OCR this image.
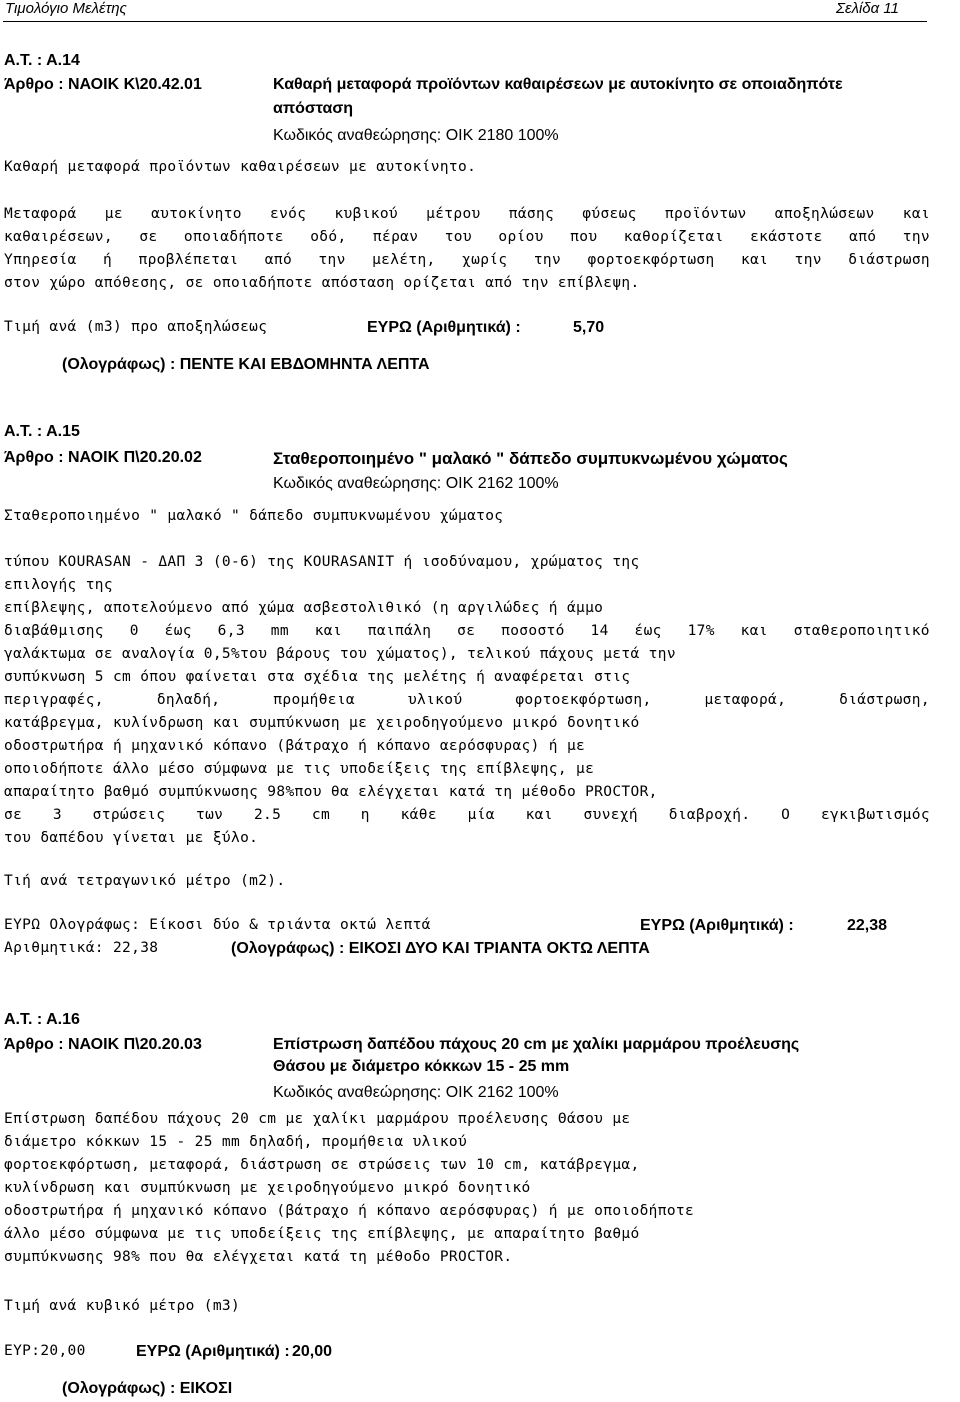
Τιμολόγιο Μελέτης	Σελίδα 11
Α.Τ. : Α.14
Άρθρο : ΝΑΟΙΚ Κ\20.42.01	Καθαρή μεταφορά προϊόντων καθαιρέσεων με αυτοκίνητο σε οποιαδηπότε
απόσταση
Κωδικός αναθεώρησης: ΟΙΚ 2180 100%
Καθαρή μεταφορά προϊόντων καθαιρέσεων με αυτοκίνητο.
Μεταφορά με αυτοκίνητο ενός κυβικού μέτρου πάσης φύσεως προϊόντων αποξηλώσεων και
καθαιρέσεων, σε οποιαδήποτε οδό, πέραν του ορίου που καθορίζεται εκάστοτε από την
Υπηρεσία ή προβλέπεται από την μελέτη, χωρίς την φορτοεκφόρτωση και την διάστρωση
στον χώρο απόθεσης, σε οποιαδήποτε απόσταση ορίζεται από την επίβλεψη.
Τιμή ανά (m3) προ αποξηλώσεως	ΕΥΡΩ (Αριθμητικά) :	5,70
(Ολογράφως) : ΠΕΝΤΕ ΚΑΙ ΕΒΔΟΜΗΝΤΑ ΛΕΠΤΑ
Α.Τ. : Α.15
Άρθρο : ΝΑΟΙΚ Π\20.20.02	Σταθεροποιημένο " μαλακό " δάπεδο συμπυκνωμένου χώματος
Κωδικός αναθεώρησης: ΟΙΚ 2162 100%
Σταθεροποιημένο " μαλακό " δάπεδο συμπυκνωμένου χώματος
τύπου KOURASAN - ΔΑΠ 3 (0-6) της KOURASANIT ή ισοδύναμου, χρώματος της
επιλογής της
επίβλεψης, αποτελούμενο από χώμα ασβεστολιθικό (η αργιλώδες ή άμμο
διαβάθμισης 0 έως 6,3 mm και παιπάλη σε ποσοστό 14 έως 17% και σταθεροποιητικό
γαλάκτωμα σε αναλογία 0,5%του βάρους του χώματος), τελικού πάχους μετά την
συπύκνωση 5 cm όπου φαίνεται στα σχέδια της μελέτης ή αναφέρεται στις
περιγραφές,	δηλαδή,	προμήθεια	υλικού	φορτοεκφόρτωση,	μεταφορά,	διάστρωση,
κατάβρεγμα, κυλίνδρωση και συμπύκνωση με χειροδηγούμενο μικρό δονητικό
οδοστρωτήρα ή μηχανικό κόπανο (βάτραχο ή κόπανο αερόσφυρας) ή με
οποιοδήποτε άλλο μέσο σύμφωνα με τις υποδείξεις της επίβλεψης, με
απαραίτητο βαθμό συμπύκνωσης 98%που θα ελέγχεται κατά τη μέθοδο PROCTOR,
σε 3 στρώσεις των 2.5 cm η κάθε μία και συνεχή διαβροχή. Ο εγκιβωτισμός
του δαπέδου γίνεται με ξύλο.
Τιή ανά τετραγωνικό μέτρο (m2).
ΕΥΡΩ Ολογράφως: Είκοσι δύο & τριάντα οκτώ λεπτά	ΕΥΡΩ (Αριθμητικά) :	22,38
Αριθμητικά: 22,38	(Ολογράφως) : ΕΙΚΟΣΙ ΔΥΟ ΚΑΙ ΤΡΙΑΝΤΑ ΟΚΤΩ ΛΕΠΤΑ
Α.Τ. : Α.16
Άρθρο : ΝΑΟΙΚ Π\20.20.03	Επίστρωση δαπέδου πάχους 20 cm με χαλίκι μαρμάρου προέλευσης
Θάσου με διάμετρο κόκκων 15 - 25 mm
Κωδικός αναθεώρησης: ΟΙΚ 2162 100%
Επίστρωση δαπέδου πάχους 20 cm με χαλίκι μαρμάρου προέλευσης Θάσου με
διάμετρο κόκκων 15 - 25 mm δηλαδή, προμήθεια υλικού
φορτοεκφόρτωση, μεταφορά, διάστρωση σε στρώσεις των 10 cm, κατάβρεγμα,
κυλίνδρωση και συμπύκνωση με χειροδηγούμενο μικρό δονητικό
οδοστρωτήρα ή μηχανικό κόπανο (βάτραχο ή κόπανο αερόσφυρας) ή με οποιοδήποτε
άλλο μέσο σύμφωνα με τις υποδείξεις της επίβλεψης, με απαραίτητο βαθμό
συμπύκνωσης 98% που θα ελέγχεται κατά τη μέθοδο PROCTOR.
Τιμή ανά κυβικό μέτρο (m3)
ΕΥΡ:20,00	ΕΥΡΩ (Αριθμητικά) : 20,00
(Ολογράφως) : ΕΙΚΟΣΙ
